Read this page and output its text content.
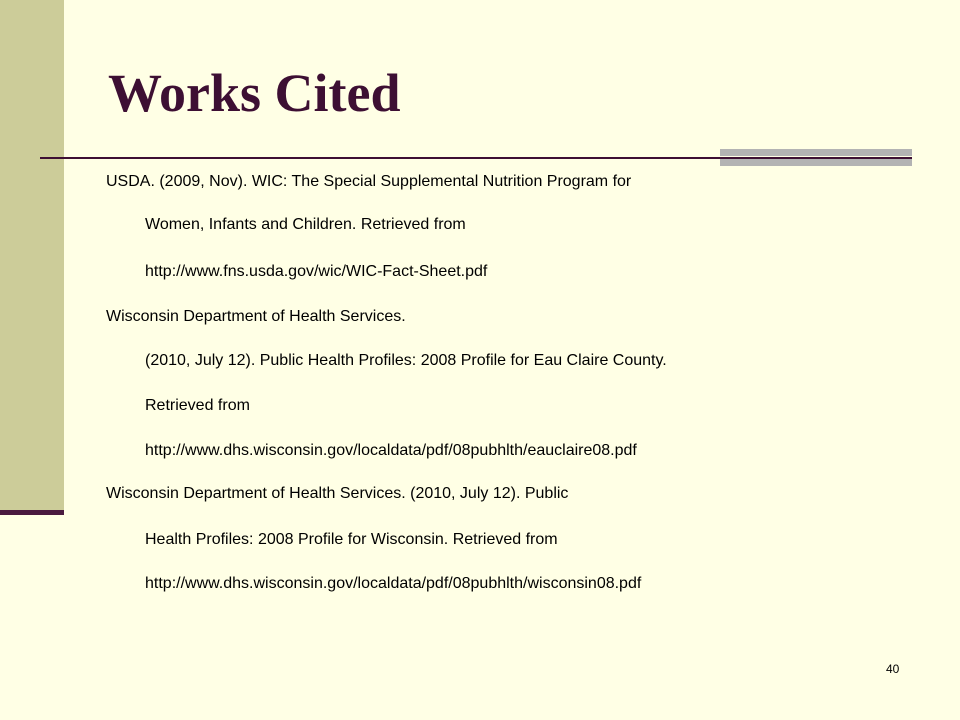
Works Cited
USDA. (2009, Nov). WIC: The Special Supplemental Nutrition Program for
Women, Infants and Children. Retrieved from
http://www.fns.usda.gov/wic/WIC-Fact-Sheet.pdf
Wisconsin Department of Health Services.
(2010, July 12). Public Health Profiles: 2008 Profile for Eau Claire County.
Retrieved from
http://www.dhs.wisconsin.gov/localdata/pdf/08pubhlth/eauclaire08.pdf
Wisconsin Department of Health Services. (2010, July 12). Public
Health Profiles: 2008 Profile for Wisconsin. Retrieved from
http://www.dhs.wisconsin.gov/localdata/pdf/08pubhlth/wisconsin08.pdf
40
